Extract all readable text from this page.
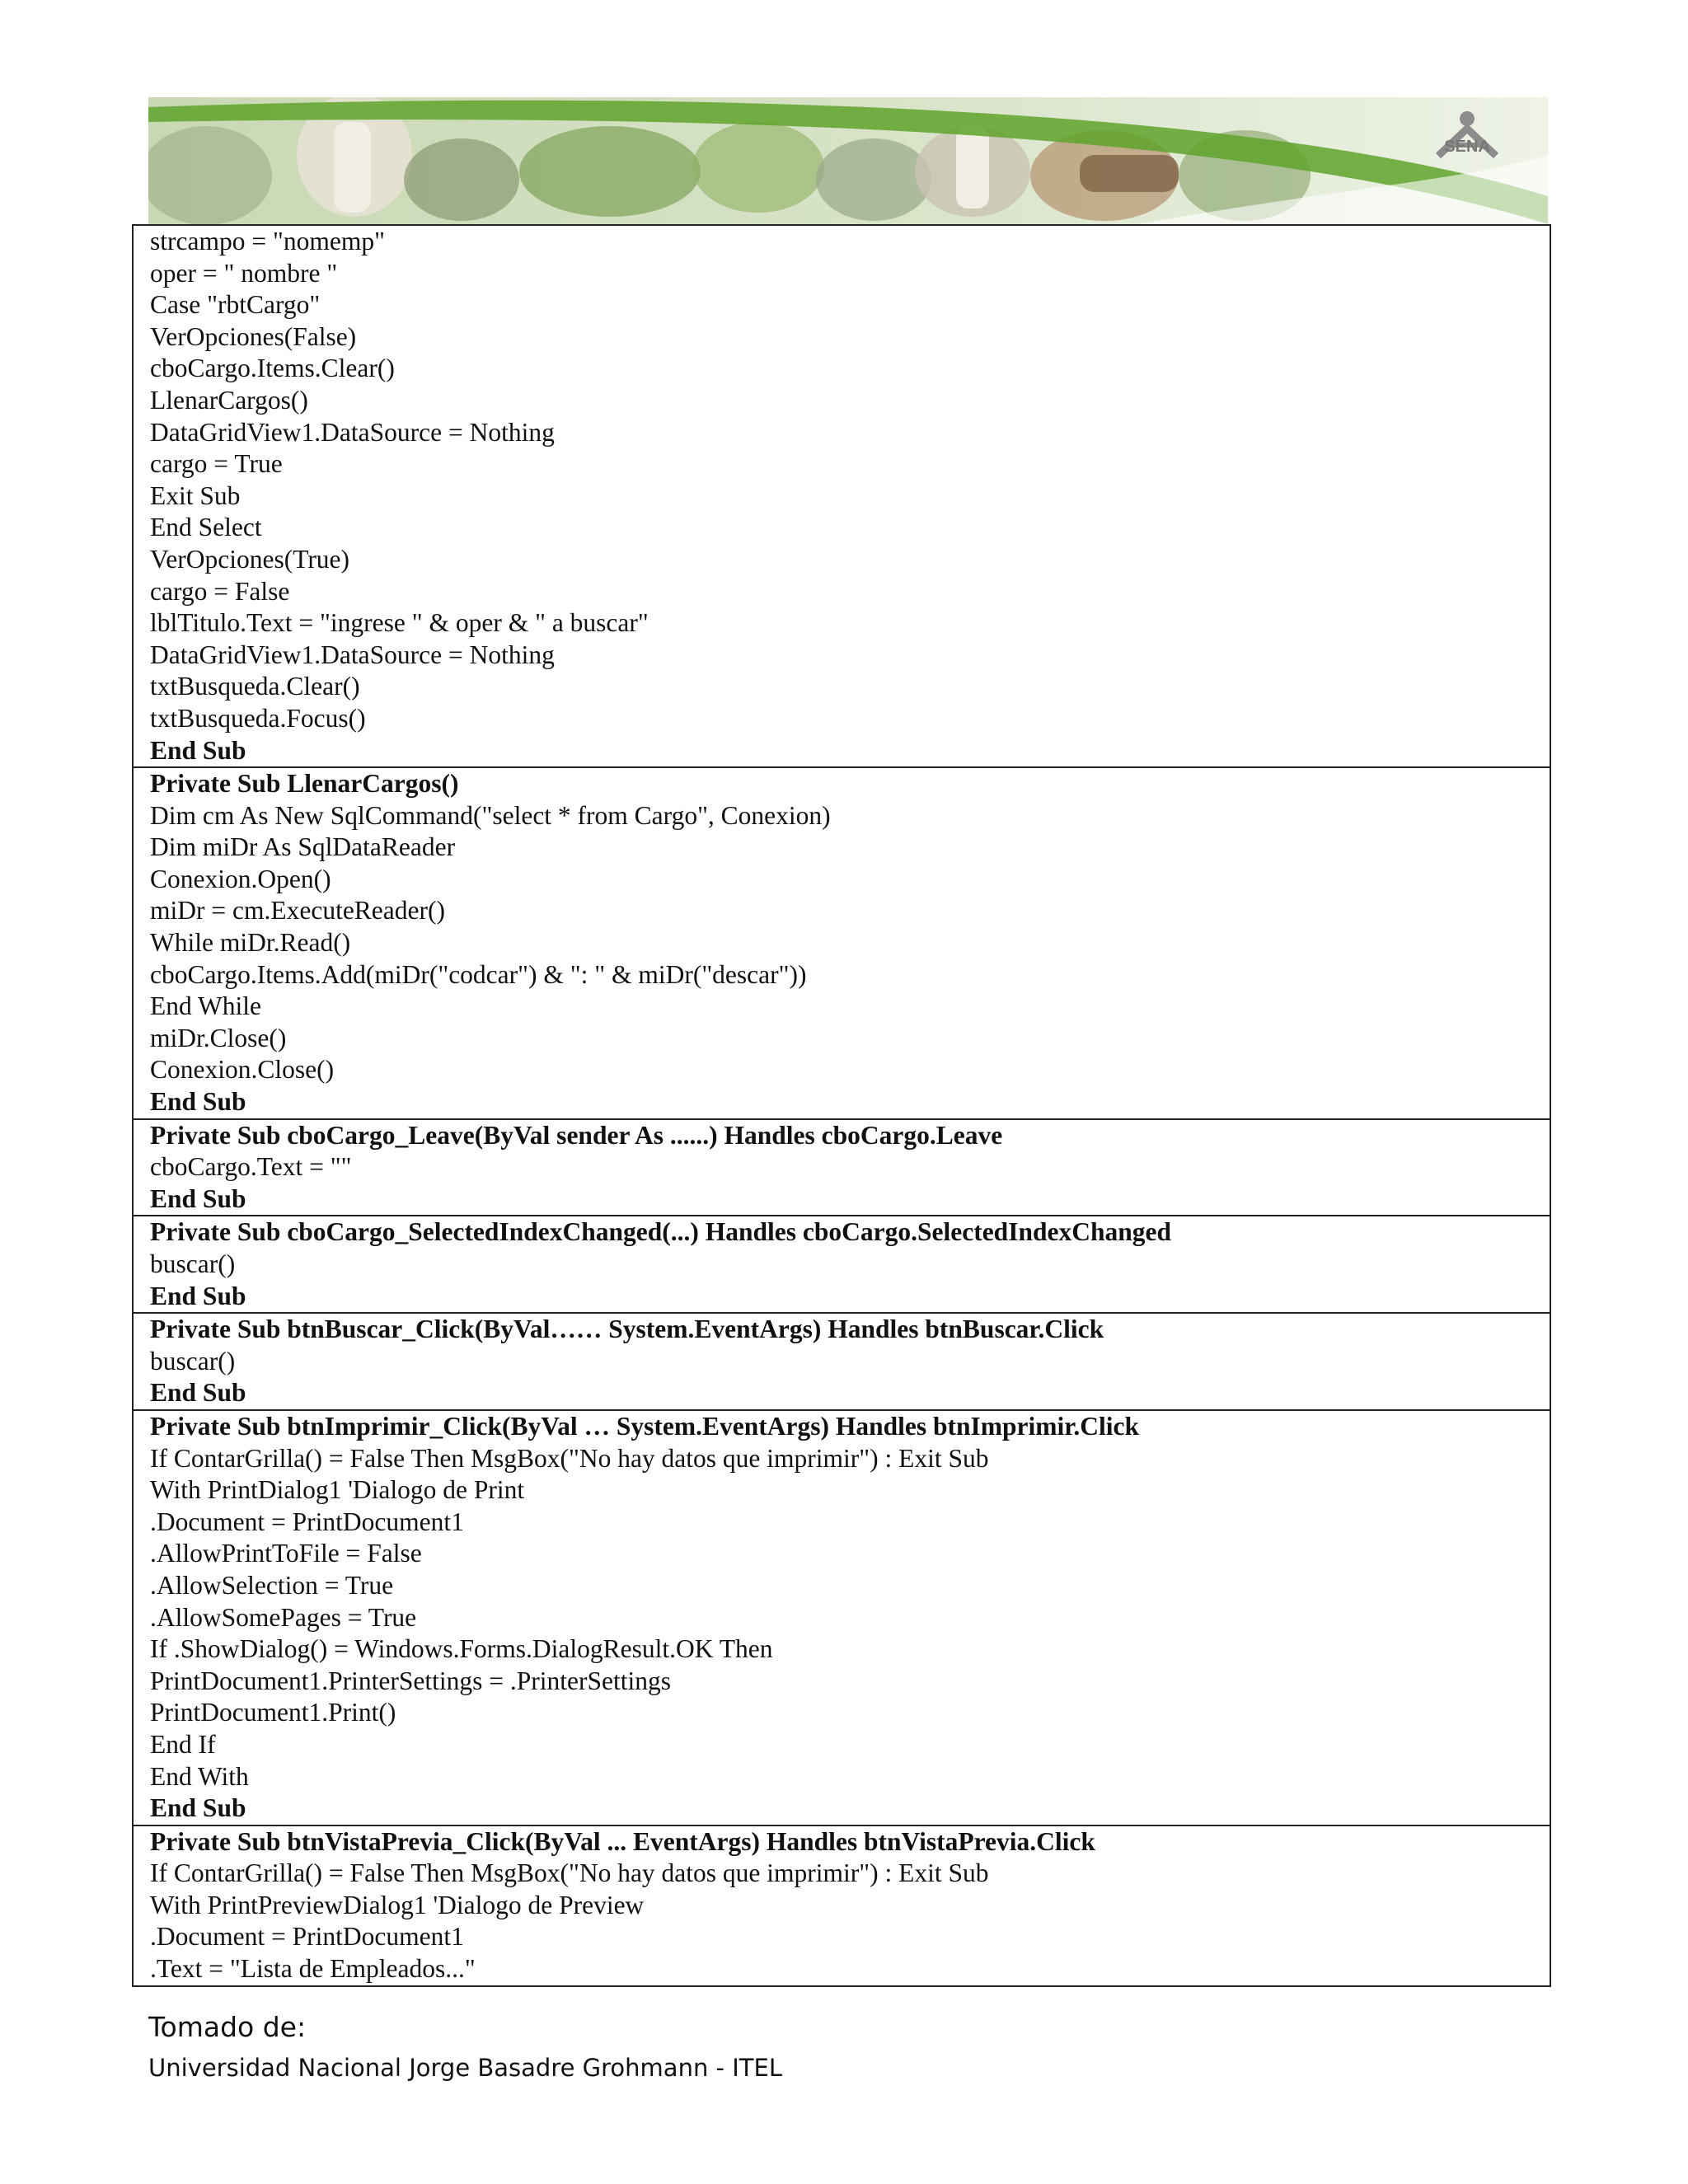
SENA
strcampo = "nomemp"
oper = " nombre "
Case "rbtCargo"
VerOpciones(False)
cboCargo.Items.Clear()
LlenarCargos()
DataGridView1.DataSource = Nothing
cargo = True
Exit Sub
End Select
VerOpciones(True)
cargo = False
lblTitulo.Text = "ingrese " & oper & " a buscar"
DataGridView1.DataSource = Nothing
txtBusqueda.Clear()
txtBusqueda.Focus()
End Sub
Private Sub LlenarCargos()
Dim cm As New SqlCommand("select * from Cargo", Conexion)
Dim miDr As SqlDataReader
Conexion.Open()
miDr = cm.ExecuteReader()
While miDr.Read()
cboCargo.Items.Add(miDr("codcar") & ": " & miDr("descar"))
End While
miDr.Close()
Conexion.Close()
End Sub
Private Sub cboCargo_Leave(ByVal sender As ......) Handles cboCargo.Leave
cboCargo.Text = ""
End Sub
Private Sub cboCargo_SelectedIndexChanged(...) Handles cboCargo.SelectedIndexChanged
buscar()
End Sub
Private Sub btnBuscar_Click(ByVal…… System.EventArgs) Handles btnBuscar.Click
buscar()
End Sub
Private Sub btnImprimir_Click(ByVal … System.EventArgs) Handles btnImprimir.Click
If ContarGrilla() = False Then MsgBox("No hay datos que imprimir") : Exit Sub
With PrintDialog1 'Dialogo de Print
.Document = PrintDocument1
.AllowPrintToFile = False
.AllowSelection = True
.AllowSomePages = True
If .ShowDialog() = Windows.Forms.DialogResult.OK Then
PrintDocument1.PrinterSettings = .PrinterSettings
PrintDocument1.Print()
End If
End With
End Sub
Private Sub btnVistaPrevia_Click(ByVal ... EventArgs) Handles btnVistaPrevia.Click
If ContarGrilla() = False Then MsgBox("No hay datos que imprimir") : Exit Sub
With PrintPreviewDialog1 'Dialogo de Preview
.Document = PrintDocument1
.Text = "Lista de Empleados..."
Tomado de:
Universidad Nacional Jorge Basadre Grohmann - ITEL
